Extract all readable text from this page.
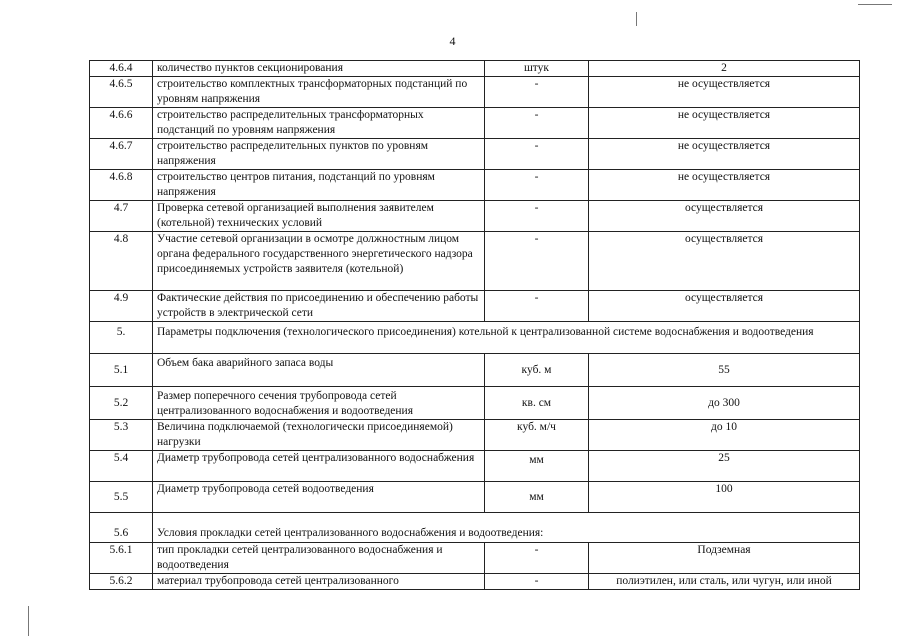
4
4.6.4	количество пунктов секционирования	штук	2
4.6.5	строительство комплектных трансформаторных подстанций по уровням напряжения	-	не осуществляется
4.6.6	строительство распределительных трансформаторных подстанций по уровням напряжения	-	не осуществляется
4.6.7	строительство распределительных пунктов по уровням напряжения	-	не осуществляется
4.6.8	строительство центров питания, подстанций по уровням напряжения	-	не осуществляется
4.7	Проверка сетевой организацией выполнения заявителем (котельной) технических условий	-	осуществляется
4.8	Участие сетевой организации в осмотре должностным лицом органа федерального государственного энергетического надзора присоединяемых устройств заявителя (котельной)	-	осуществляется
4.9	Фактические действия по присоединению и обеспечению работы устройств в электрической сети	-	осуществляется
5.	Параметры подключения (технологического присоединения) котельной к централизованной системе водоснабжения и водоотведения		
5.1	Объем бака аварийного запаса воды	куб. м	55
5.2	Размер поперечного сечения трубопровода сетей централизованного водоснабжения и водоотведения	кв. см	до 300
5.3	Величина подключаемой (технологически присоединяемой) нагрузки	куб. м/ч	до 10
5.4	Диаметр трубопровода сетей централизованного водоснабжения	мм	25
5.5	Диаметр трубопровода сетей водоотведения	мм	100
5.6	Условия прокладки сетей централизованного водоснабжения и водоотведения:		
5.6.1	тип прокладки сетей централизованного водоснабжения и водоотведения	-	Подземная
5.6.2	материал трубопровода сетей централизованного	-	полиэтилен, или сталь, или чугун, или иной
